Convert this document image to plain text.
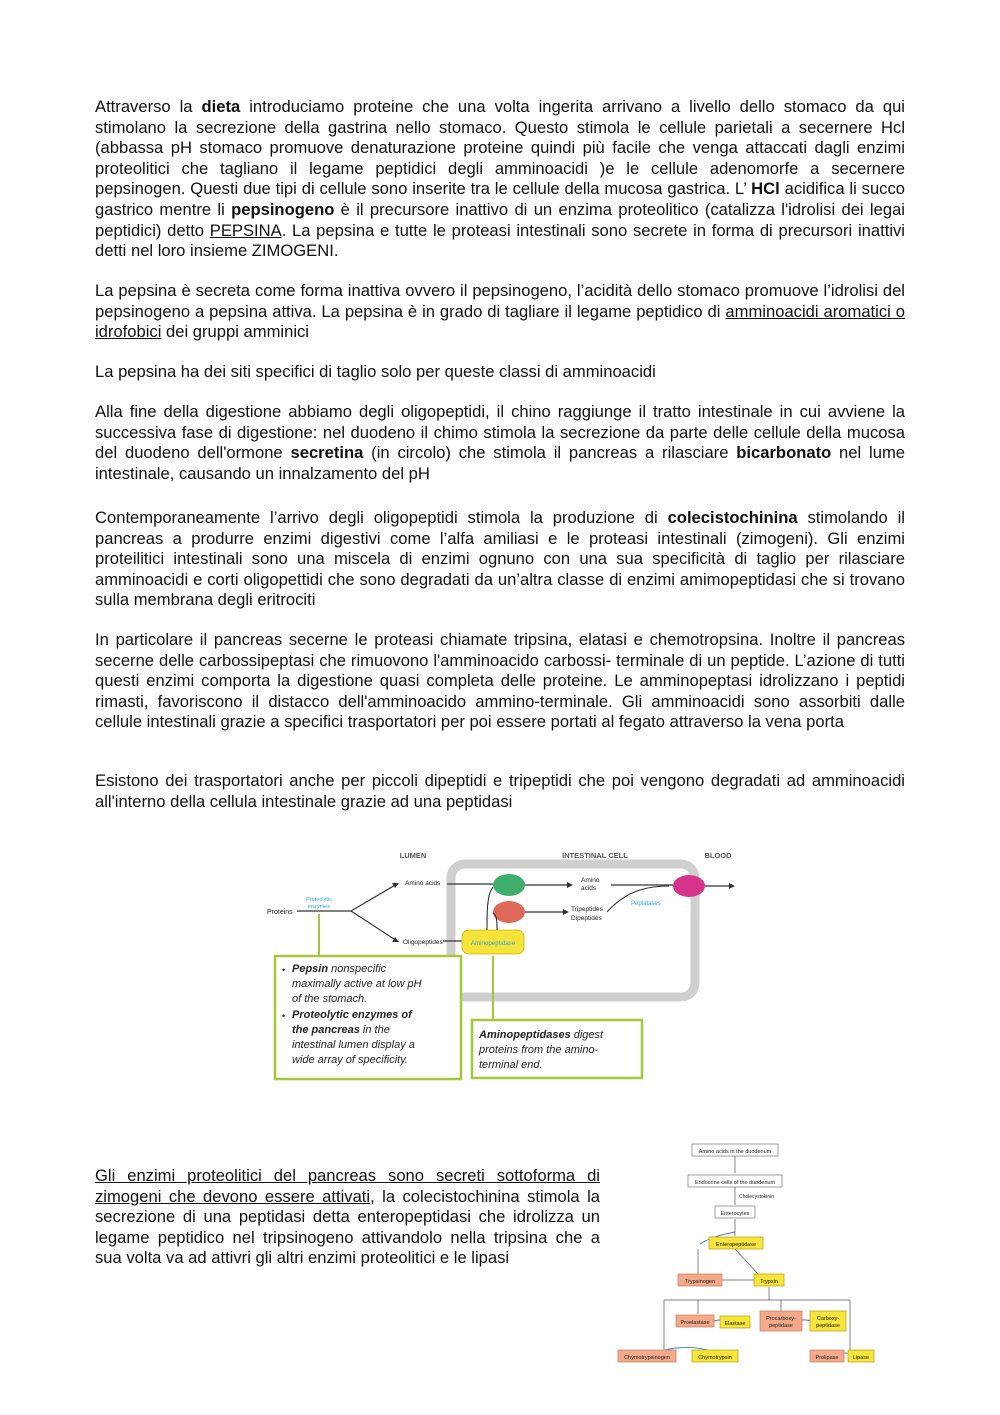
Attraverso la dieta introduciamo proteine che una volta ingerita arrivano a livello dello stomaco da qui stimolano la secrezione della gastrina nello stomaco. Questo stimola le cellule parietali a secernere Hcl (abbassa pH stomaco promuove denaturazione proteine quindi più facile che venga attaccati dagli enzimi proteolitici che tagliano il legame peptidici degli amminoacidi )e le cellule adenomorfe a secernere pepsinogen. Questi due tipi di cellule sono inserite tra le cellule della mucosa gastrica. L’ HCl acidifica li succo gastrico mentre li pepsinogeno è il precursore inattivo di un enzima proteolitico (catalizza l'idrolisi dei legai peptidici) detto PEPSINA. La pepsina e tutte le proteasi intestinali sono secrete in forma di precursori inattivi detti nel loro insieme ZIMOGENI.

La pepsina è secreta come forma inattiva ovvero il pepsinogeno, l’acidità dello stomaco promuove l’idrolisi del pepsinogeno a pepsina attiva. La pepsina è in grado di tagliare il legame peptidico di amminoacidi aromatici o idrofobici dei gruppi amminici

La pepsina ha dei siti specifici di taglio solo per queste classi di amminoacidi

Alla fine della digestione abbiamo degli oligopeptidi, il chino raggiunge il tratto intestinale in cui avviene la successiva fase di digestione: nel duodeno il chimo stimola la secrezione da parte delle cellule della mucosa del duodeno dell'ormone secretina (in circolo) che stimola il pancreas a rilasciare bicarbonato nel lume intestinale, causando un innalzamento del pH

Contemporaneamente l’arrivo degli oligopeptidi stimola la produzione di colecistochinina stimolando il pancreas a produrre enzimi digestivi come l’alfa amiliasi e le proteasi intestinali (zimogeni). Gli enzimi proteilitici intestinali sono una miscela di enzimi ognuno con una sua specificità di taglio per rilasciare amminoacidi e corti oligopettidi che sono degradati da un’altra classe di enzimi amimopeptidasi che si trovano sulla membrana degli eritrociti

In particolare il pancreas secerne le proteasi chiamate tripsina, elatasi e chemotropsina. Inoltre il pancreas secerne delle carbossipeptasi che rimuovono l'amminoacido carbossi- terminale di un peptide. L’azione di tutti questi enzimi comporta la digestione quasi completa delle proteine. Le amminopeptasi idrolizzano i peptidi rimasti, favoriscono il distacco dell'amminoacido ammino-terminale. Gli amminoacidi sono assorbiti dalle cellule intestinali grazie a specifici trasportatori per poi essere portati al fegato attraverso la vena porta

Esistono dei trasportatori anche per piccoli dipeptidi e tripeptidi che poi vengono degradati ad amminoacidi all'interno della cellula intestinale grazie ad una peptidasi

LUMEN	INTESTINAL CELL	BLOOD
Proteins
Proteolytic
enzymes
Amino acids
Oligopeptides	Aminopeptidase
Amino
acids
Tripeptides
Dipeptides
Peptidases
• Pepsin nonspecific
maximally active at low pH
of the stomach.
• Proteolytic enzymes of
the pancreas in the
intestinal lumen display a
wide array of specificity.
Aminopeptidases digest
proteins from the amino-
terminal end.

Gli enzimi proteolitici del pancreas sono secreti sottoforma di zimogeni che devono essere attivati, la colecistochinina stimola la secrezione di una peptidasi detta enteropeptidasi che idrolizza un legame peptidico nel tripsinogeno attivandolo nella tripsina che a sua volta va ad attivri gli altri enzimi proteolitici e le lipasi

Amino acids in the duodenum
Endocrine cells of the duodenum
Cholecystokinin
Enterocytes
Enteropeptidase
Trypsinogen	Trypsin
Proelastase	Elastase
Procarboxy-
peptidase
Carboxy-
peptidase
Chymotrypsinogen	Chymotrypsin	Prolipase	Lipase
